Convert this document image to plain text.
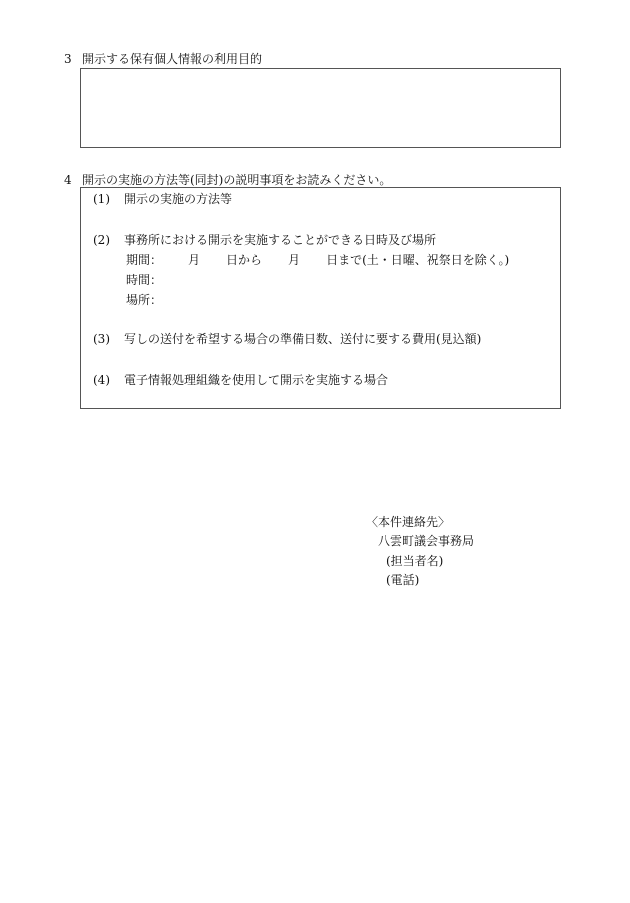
3 開示する保有個人情報の利用目的
4 開示の実施の方法等(同封)の説明事項をお読みください。
(1) 開示の実施の方法等
(2) 事務所における開示を実施することができる日時及び場所
期間： 月 日から 月 日まで(土・日曜、祝祭日を除く。)
時間：
場所：
(3) 写しの送付を希望する場合の準備日数、送付に要する費用(見込額)
(4) 電子情報処理組織を使用して開示を実施する場合
〈本件連絡先〉
八雲町議会事務局
(担当者名)
(電話)
